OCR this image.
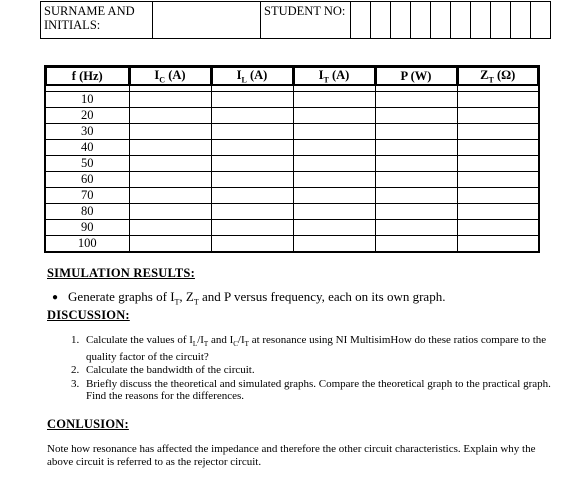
SURNAME AND INITIALS:		STUDENT NO:										
f (Hz)	$I_C$ (A)	$I_L$ (A)	$I_T$ (A)	P (W)	$Z_T$ (Ω)

10					
20					
30					
40					
50					
60					
70					
80					
90					
100					
SIMULATION RESULTS:
● Generate graphs of $I_T$, $Z_T$ and P versus frequency, each on its own graph.
DISCUSSION:
1. Calculate the values of $I_L/I_T$ and $I_C/I_T$ at resonance using NI MultisimHow do these ratios compare to the quality factor of the circuit?
2. Calculate the bandwidth of the circuit.
3. Briefly discuss the theoretical and simulated graphs. Compare the theoretical graph to the practical graph. Find the reasons for the differences.
CONLUSION:
Note how resonance has affected the impedance and therefore the other circuit characteristics. Explain why the above circuit is referred to as the rejector circuit.
